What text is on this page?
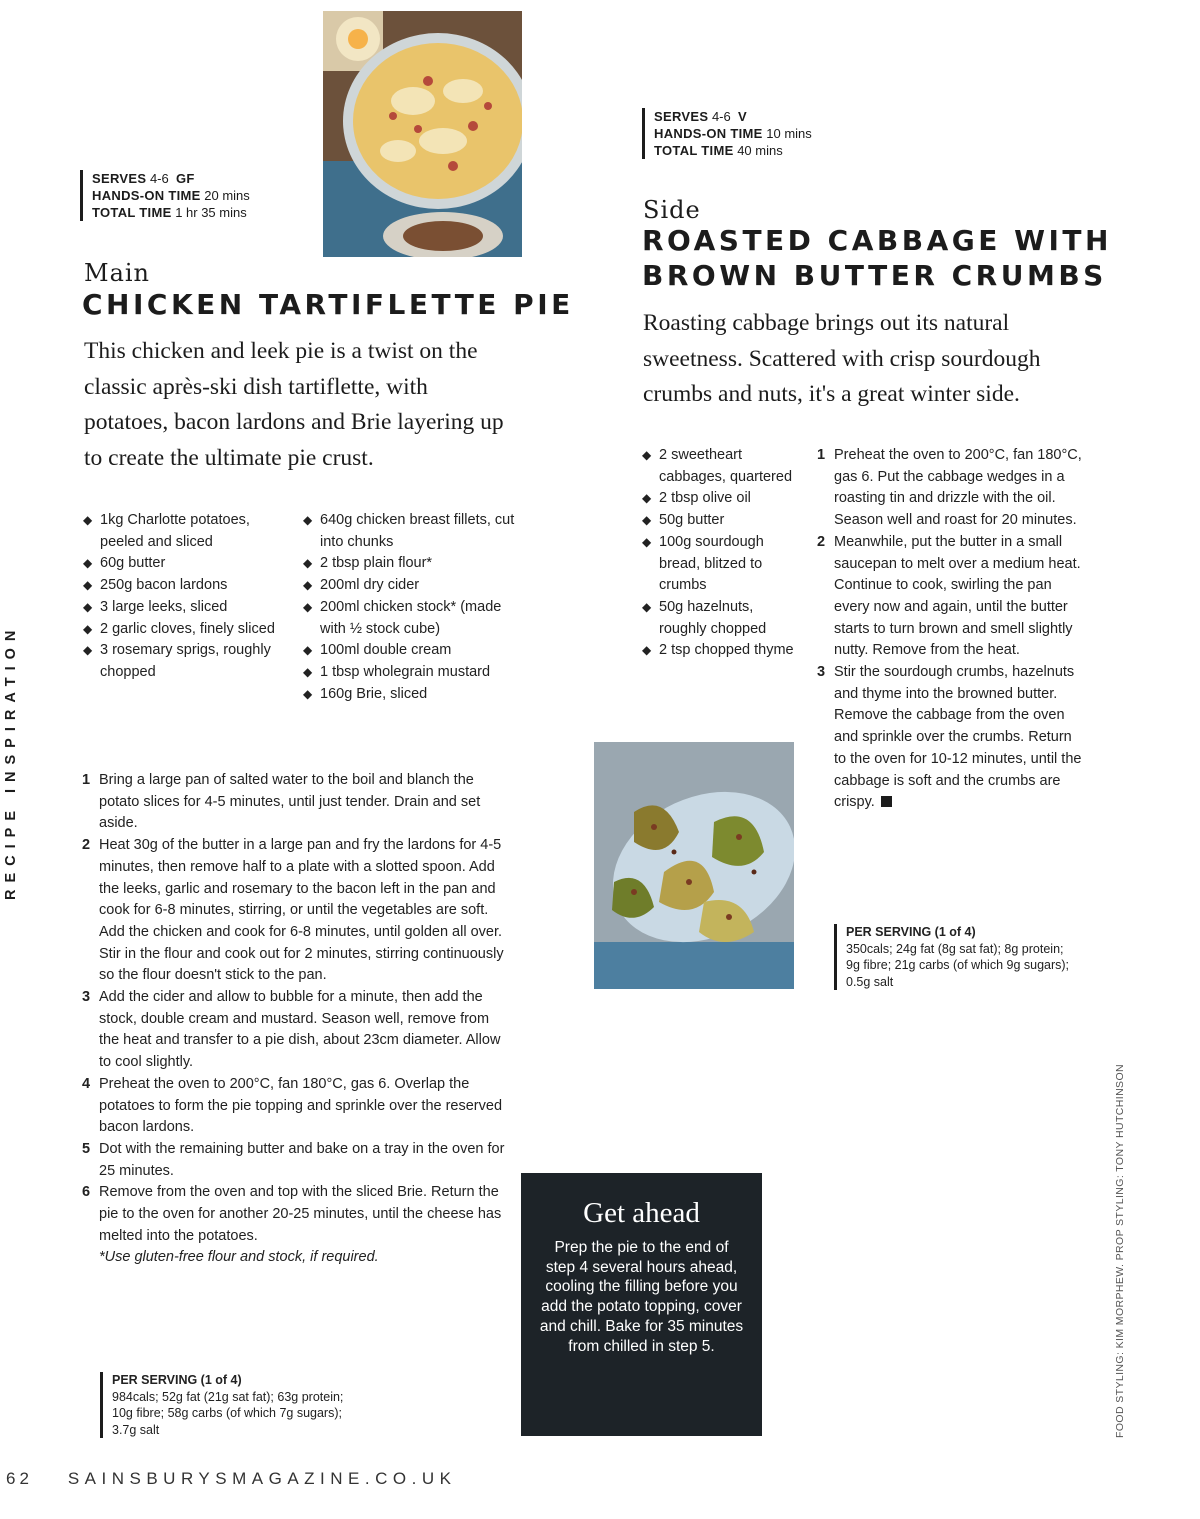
RECIPE INSPIRATION
SERVES 4-6 GF
HANDS-ON TIME 20 mins
TOTAL TIME 1 hr 35 mins
Main
CHICKEN TARTIFLETTE PIE
This chicken and leek pie is a twist on the classic après-ski dish tartiflette, with potatoes, bacon lardons and Brie layering up to create the ultimate pie crust.
◆ 1kg Charlotte potatoes, peeled and sliced
◆ 60g butter
◆ 250g bacon lardons
◆ 3 large leeks, sliced
◆ 2 garlic cloves, finely sliced
◆ 3 rosemary sprigs, roughly chopped
◆ 640g chicken breast fillets, cut into chunks
◆ 2 tbsp plain flour*
◆ 200ml dry cider
◆ 200ml chicken stock* (made with ½ stock cube)
◆ 100ml double cream
◆ 1 tbsp wholegrain mustard
◆ 160g Brie, sliced
1 Bring a large pan of salted water to the boil and blanch the potato slices for 4-5 minutes, until just tender. Drain and set aside.
2 Heat 30g of the butter in a large pan and fry the lardons for 4-5 minutes, then remove half to a plate with a slotted spoon. Add the leeks, garlic and rosemary to the bacon left in the pan and cook for 6-8 minutes, stirring, or until the vegetables are soft. Add the chicken and cook for 6-8 minutes, until golden all over. Stir in the flour and cook out for 2 minutes, stirring continuously so the flour doesn't stick to the pan.
3 Add the cider and allow to bubble for a minute, then add the stock, double cream and mustard. Season well, remove from the heat and transfer to a pie dish, about 23cm diameter. Allow to cool slightly.
4 Preheat the oven to 200°C, fan 180°C, gas 6. Overlap the potatoes to form the pie topping and sprinkle over the reserved bacon lardons.
5 Dot with the remaining butter and bake on a tray in the oven for 25 minutes.
6 Remove from the oven and top with the sliced Brie. Return the pie to the oven for another 20-25 minutes, until the cheese has melted into the potatoes.
*Use gluten-free flour and stock, if required.
PER SERVING (1 of 4)
984cals; 52g fat (21g sat fat); 63g protein; 10g fibre; 58g carbs (of which 7g sugars); 3.7g salt
SERVES 4-6 V
HANDS-ON TIME 10 mins
TOTAL TIME 40 mins
Side
ROASTED CABBAGE WITH
BROWN BUTTER CRUMBS
Roasting cabbage brings out its natural sweetness. Scattered with crisp sourdough crumbs and nuts, it's a great winter side.
◆ 2 sweetheart cabbages, quartered
◆ 2 tbsp olive oil
◆ 50g butter
◆ 100g sourdough bread, blitzed to crumbs
◆ 50g hazelnuts, roughly chopped
◆ 2 tsp chopped thyme
1 Preheat the oven to 200°C, fan 180°C, gas 6. Put the cabbage wedges in a roasting tin and drizzle with the oil. Season well and roast for 20 minutes.
2 Meanwhile, put the butter in a small saucepan to melt over a medium heat. Continue to cook, swirling the pan every now and again, until the butter starts to turn brown and smell slightly nutty. Remove from the heat.
3 Stir the sourdough crumbs, hazelnuts and thyme into the browned butter. Remove the cabbage from the oven and sprinkle over the crumbs. Return to the oven for 10-12 minutes, until the cabbage is soft and the crumbs are crispy.
PER SERVING (1 of 4)
350cals; 24g fat (8g sat fat); 8g protein; 9g fibre; 21g carbs (of which 9g sugars); 0.5g salt
Get ahead
Prep the pie to the end of step 4 several hours ahead, cooling the filling before you add the potato topping, cover and chill. Bake for 35 minutes from chilled in step 5.	FOOD STYLING: KIM MORPHEW. PROP STYLING: TONY HUTCHINSON
62 SAINSBURYSMAGAZINE.CO.UK
